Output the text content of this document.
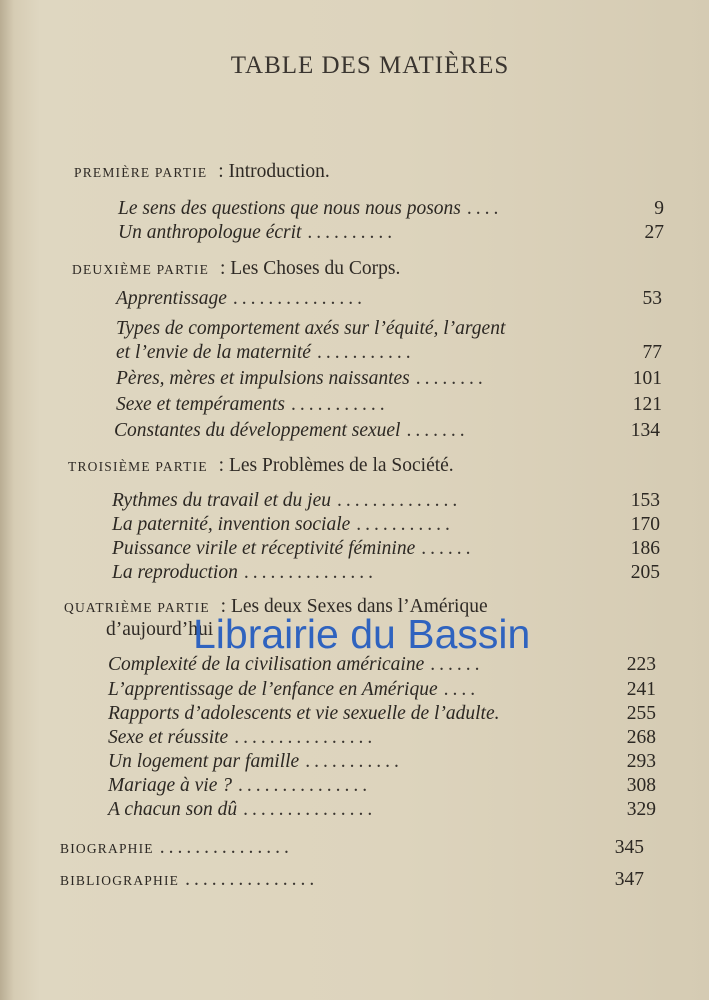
TABLE DES MATIÈRES
PREMIÈRE PARTIE : Introduction.
Le sens des questions que nous nous posons ....	9
Un anthropologue écrit ..........	27
DEUXIÈME PARTIE : Les Choses du Corps.
Apprentissage ...............	53
Types de comportement axés sur l’équité, l’argent
et l’envie de la maternité ...........	77
Pères, mères et impulsions naissantes ........	101
Sexe et tempéraments ...........	121
Constantes du développement sexuel .......	134
TROISIÈME PARTIE : Les Problèmes de la Société.
Rythmes du travail et du jeu ..............	153
La paternité, invention sociale ...........	170
Puissance virile et réceptivité féminine ......	186
La reproduction ...............	205
QUATRIÈME PARTIE : Les deux Sexes dans l’Amérique
d’aujourd’hui
Librairie du Bassin
Complexité de la civilisation américaine ......	223
L’apprentissage de l’enfance en Amérique ....	241
Rapports d’adolescents et vie sexuelle de l’adulte.	255
Sexe et réussite ................	268
Un logement par famille ...........	293
Mariage à vie ? ...............	308
A chacun son dû ...............	329
BIOGRAPHIE ...............	345
BIBLIOGRAPHIE ...............	347
